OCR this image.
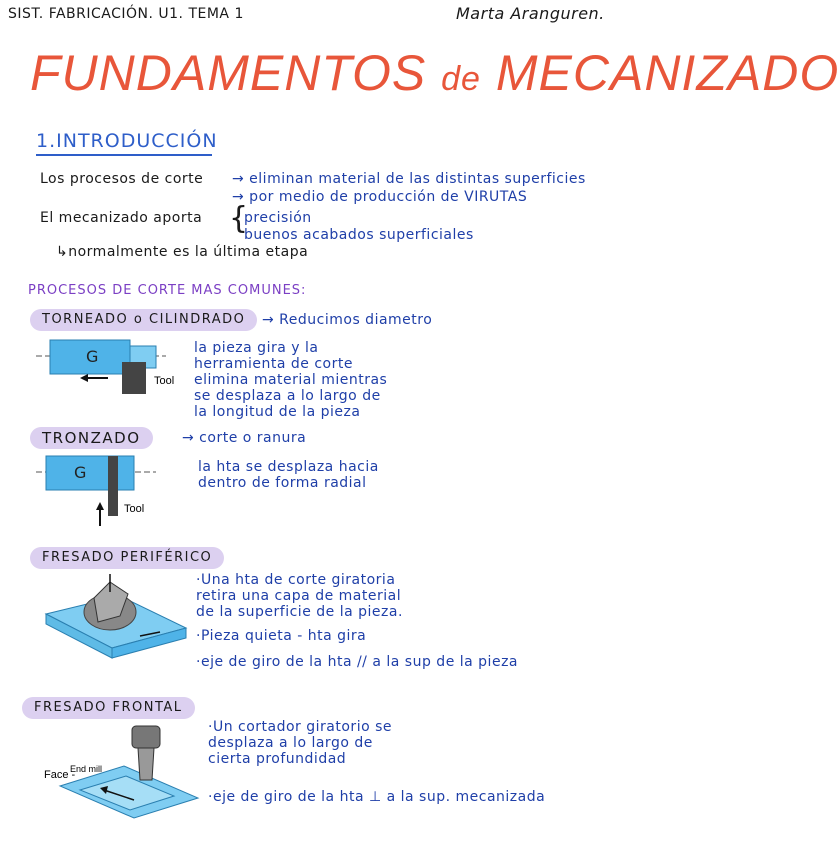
SIST. FABRICACIÓN. U1. TEMA 1	Marta Aranguren.
FUNDAMENTOS de MECANIZADO
1.INTRODUCCIÓN
Los procesos de corte → eliminan material de las distintas superficies
→ por medio de producción de VIRUTAS
El mecanizado aporta {
precisión
buenos acabados superficiales
↳normalmente es la última etapa
PROCESOS DE CORTE MAS COMUNES:
TORNEADO o CILINDRADO	→ Reducimos diametro
la pieza gira y la
herramienta de corte
elimina material mientras
se desplaza a lo largo de
la longitud de la pieza
G
Tool
TRONZADO	→ corte o ranura
la hta se desplaza hacia
dentro de forma radial
G
Tool
FRESADO PERIFÉRICO
·Una hta de corte giratoria
retira una capa de material
de la superficie de la pieza.
·Pieza quieta - hta gira
·eje de giro de la hta // a la sup de la pieza
FRESADO FRONTAL
·Un cortador giratorio se
desplaza a lo largo de
cierta profundidad
·eje de giro de la hta ⊥ a la sup. mecanizada
Face -
End mill
